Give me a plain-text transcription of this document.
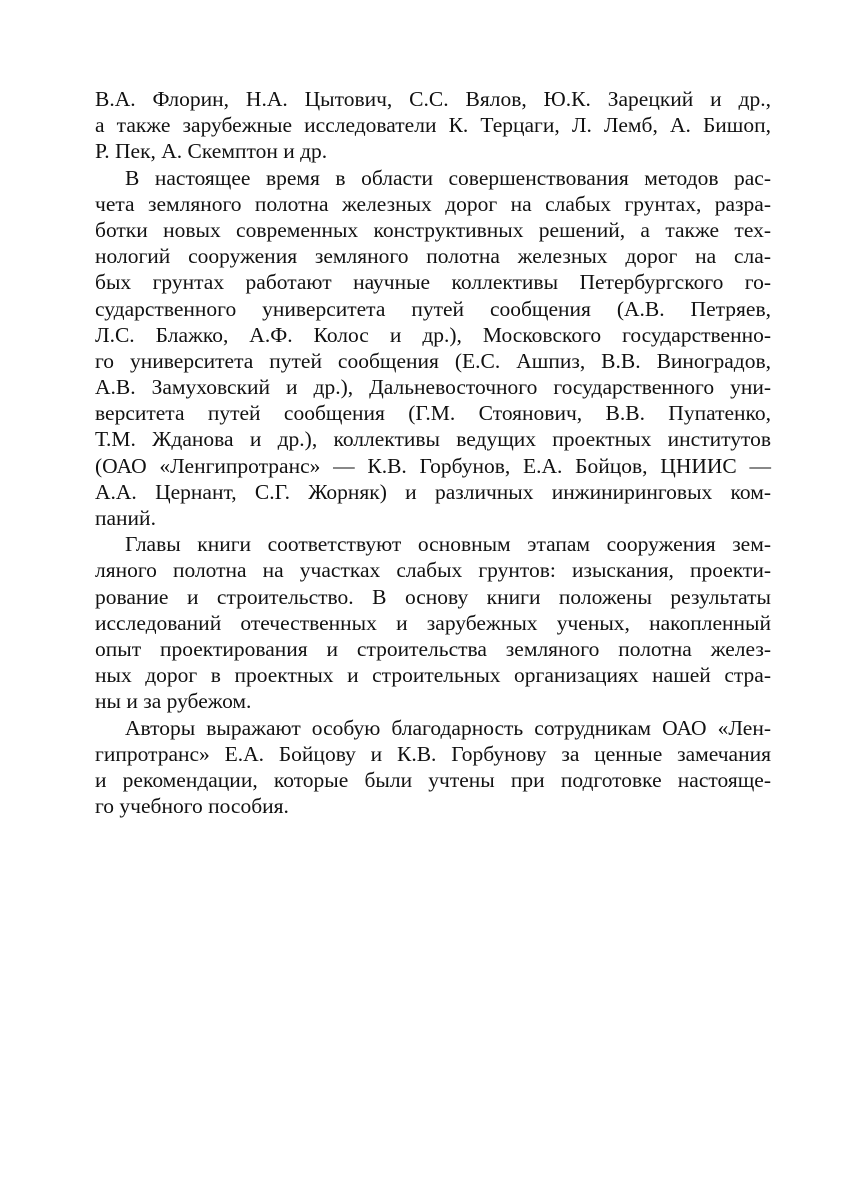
В.А. Флорин, Н.А. Цытович, С.С. Вялов, Ю.К. Зарецкий и др.,
а также зарубежные исследователи К. Терцаги, Л. Лемб, А. Бишоп,
Р. Пек, А. Скемптон и др.
В настоящее время в области совершенствования методов рас-
чета земляного полотна железных дорог на слабых грунтах, разра-
ботки новых современных конструктивных решений, а также тех-
нологий сооружения земляного полотна железных дорог на сла-
бых грунтах работают научные коллективы Петербургского го-
сударственного университета путей сообщения (А.В. Петряев,
Л.С. Блажко, А.Ф. Колос и др.), Московского государственно-
го университета путей сообщения (Е.С. Ашпиз, В.В. Виноградов,
А.В. Замуховский и др.), Дальневосточного государственного уни-
верситета путей сообщения (Г.М. Стоянович, В.В. Пупатенко,
Т.М. Жданова и др.), коллективы ведущих проектных институтов
(ОАО «Ленгипротранс» — К.В. Горбунов, Е.А. Бойцов, ЦНИИС —
А.А. Цернант, С.Г. Жорняк) и различных инжиниринговых ком-
паний.
Главы книги соответствуют основным этапам сооружения зем-
ляного полотна на участках слабых грунтов: изыскания, проекти-
рование и строительство. В основу книги положены результаты
исследований отечественных и зарубежных ученых, накопленный
опыт проектирования и строительства земляного полотна желез-
ных дорог в проектных и строительных организациях нашей стра-
ны и за рубежом.
Авторы выражают особую благодарность сотрудникам ОАО «Лен-
гипротранс» Е.А. Бойцову и К.В. Горбунову за ценные замечания
и рекомендации, которые были учтены при подготовке настояще-
го учебного пособия.
